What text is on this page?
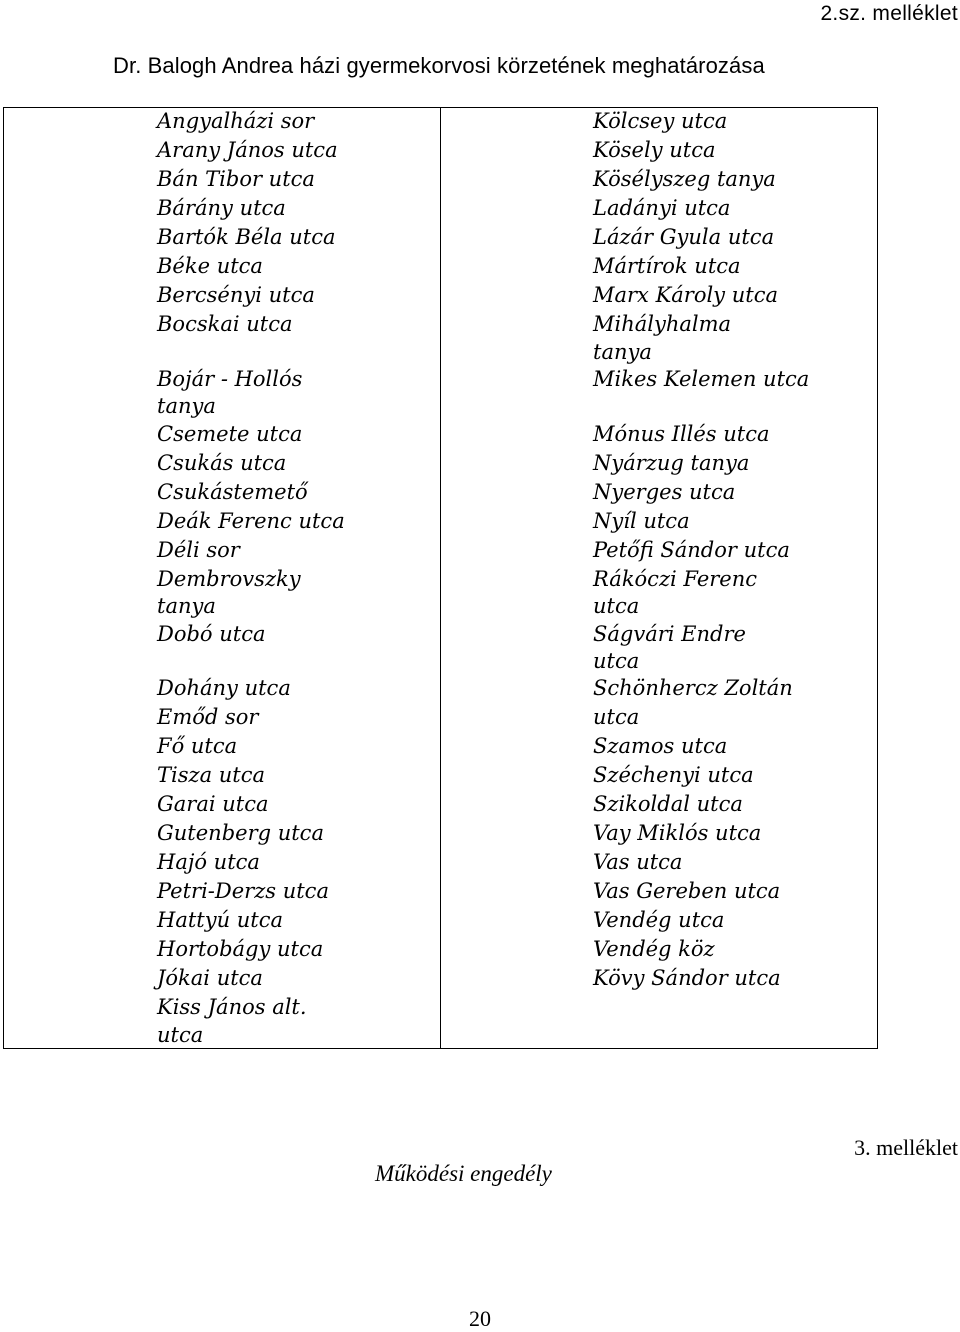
2.sz. melléklet
Dr. Balogh Andrea házi gyermekorvosi körzetének meghatározása
Angyalházi sor
Arany János utca
Bán Tibor utca
Bárány utca
Bartók Béla utca
Béke utca
Bercsényi utca
Bocskai utca
Bojár - Hollós
tanya
Csemete utca
Csukás utca
Csukástemető
Deák Ferenc utca
Déli sor
Dembrovszky
tanya
Dobó utca
Dohány utca
Emőd sor
Fő utca
Tisza utca
Garai utca
Gutenberg utca
Hajó utca
Petri-Derzs utca
Hattyú utca
Hortobágy utca
Jókai utca
Kiss János alt.
utca
Kölcsey utca
Kösely utca
Kösélyszeg tanya
Ladányi utca
Lázár Gyula utca
Mártírok utca
Marx Károly utca
Mihályhalma
tanya
Mikes Kelemen utca
Mónus Illés utca
Nyárzug tanya
Nyerges utca
Nyíl utca
Petőfi Sándor utca
Rákóczi Ferenc
utca
Ságvári Endre
utca
Schönhercz Zoltán
utca
Szamos utca
Széchenyi utca
Szikoldal utca
Vay Miklós utca
Vas utca
Vas Gereben utca
Vendég utca
Vendég köz
Kövy Sándor utca
3. melléklet
Működési engedély
20
